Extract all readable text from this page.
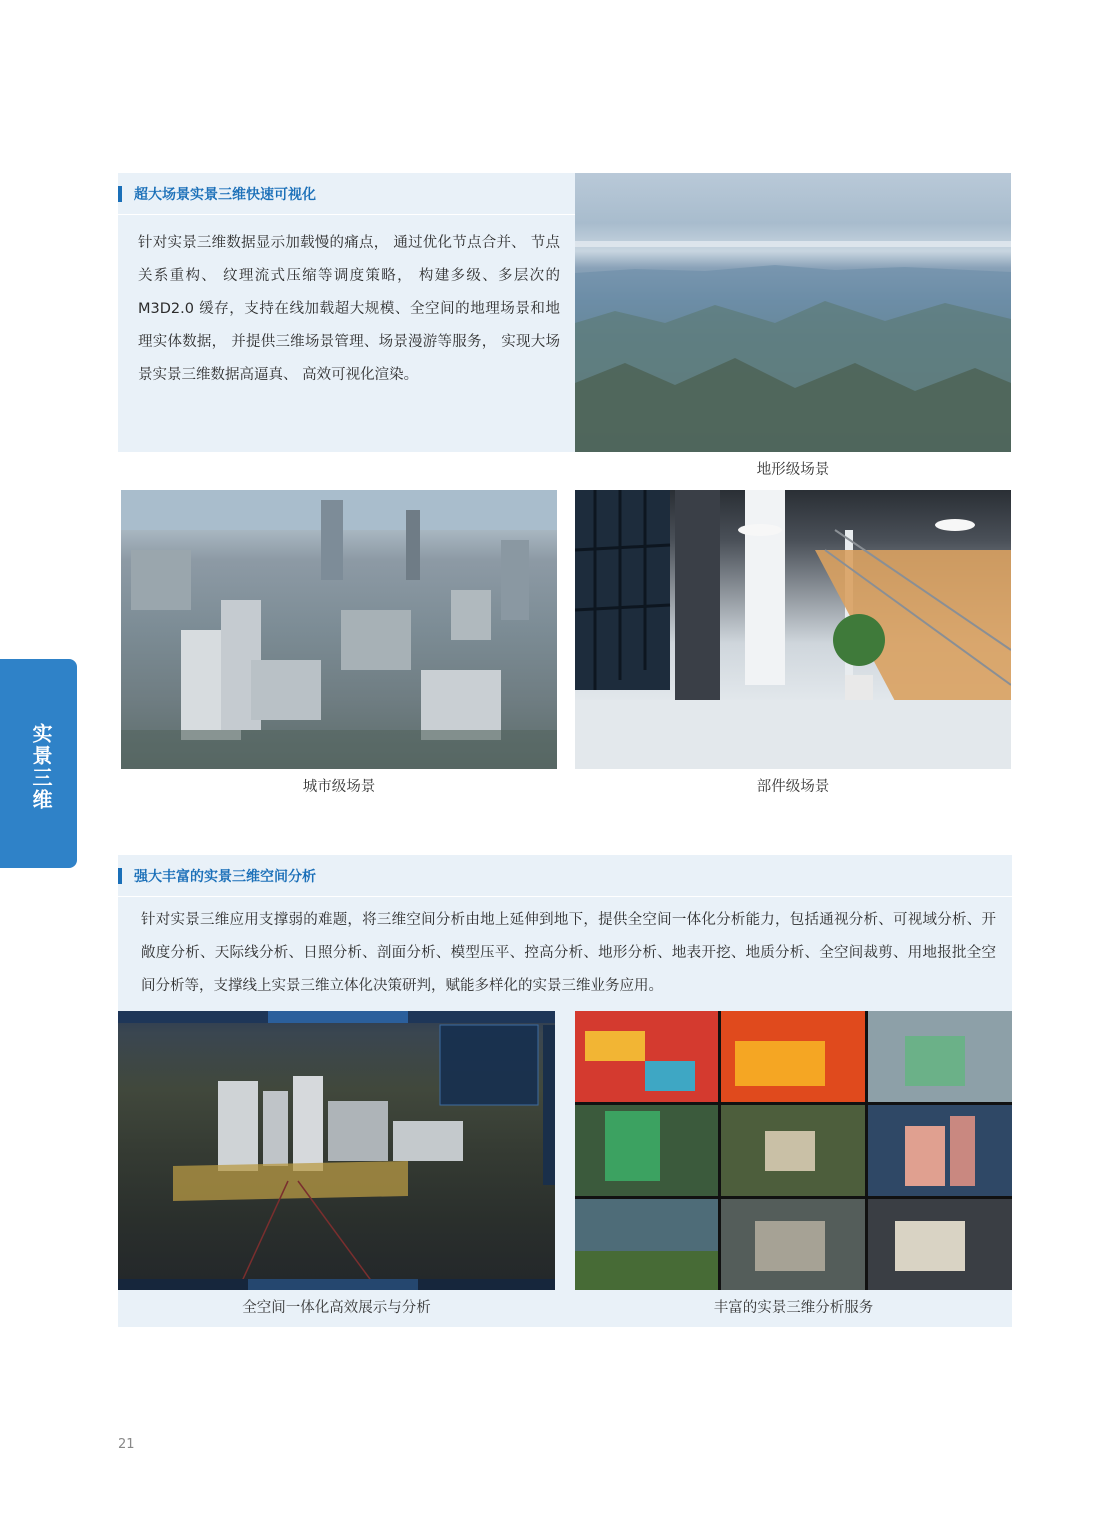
超大场景实景三维快速可视化
针对实景三维数据显示加载慢的痛点， 通过优化节点合并、 节点关系重构、 纹理流式压缩等调度策略， 构建多级、多层次的 M3D2.0 缓存，支持在线加载超大规模、全空间的地理场景和地理实体数据， 并提供三维场景管理、场景漫游等服务， 实现大场景实景三维数据高逼真、 高效可视化渲染。
地形级场景
城市级场景	部件级场景
实景三维
强大丰富的实景三维空间分析
针对实景三维应用支撑弱的难题，将三维空间分析由地上延伸到地下，提供全空间一体化分析能力，包括通视分析、可视域分析、开敞度分析、天际线分析、日照分析、剖面分析、模型压平、控高分析、地形分析、地表开挖、地质分析、全空间裁剪、用地报批全空间分析等，支撑线上实景三维立体化决策研判，赋能多样化的实景三维业务应用。
全空间一体化高效展示与分析	丰富的实景三维分析服务
21
